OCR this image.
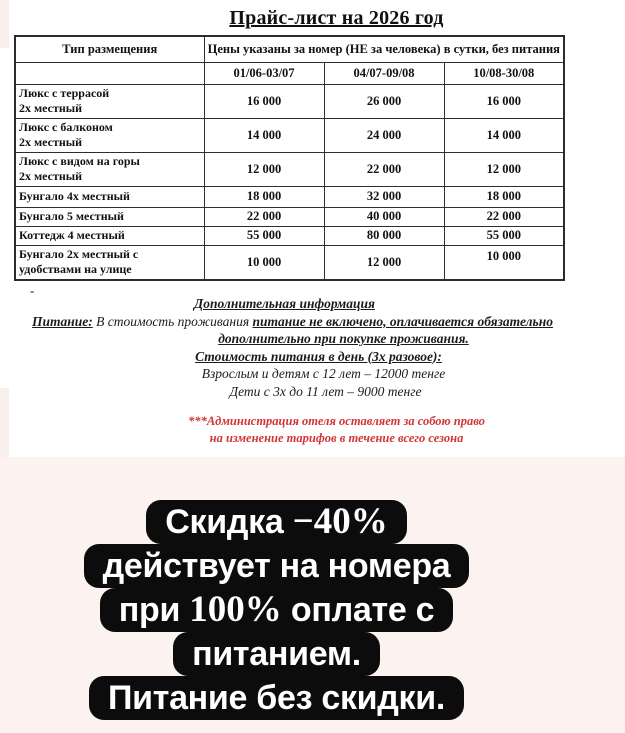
Прайс-лист на 2026 год
Тип размещения	Цены указаны за номер (НЕ за человека) в сутки, без питания		
	01/06-03/07	04/07-09/08	10/08-30/08

Люкс с террасой
2х местный	16 000	26 000	16 000

Люкс с балконом
2х местный	14 000	24 000	14 000

Люкс с видом на горы
2х местный	12 000	22 000	12 000
Бунгало 4х местный	18 000	32 000	18 000
Бунгало 5 местный	22 000	40 000	22 000
Коттедж 4 местный	55 000	80 000	55 000

Бунгало 2х местный с
удобствами на улице	10 000	12 000	10 000
-
Дополнительная информация
Питание: В стоимость проживания питание не включено, оплачивается обязательно
дополнительно при покупке проживания.
Стоимость питания в день (3х разовое):
Взрослым и детям с 12 лет – 12000 тенге
Дети с 3х до 11 лет – 9000 тенге
***Администрация отеля оставляет за собою право
на изменение тарифов в течение всего сезона
Скидка −40%
действует на номера
при 100% оплате с
питанием.
Питание без скидки.
